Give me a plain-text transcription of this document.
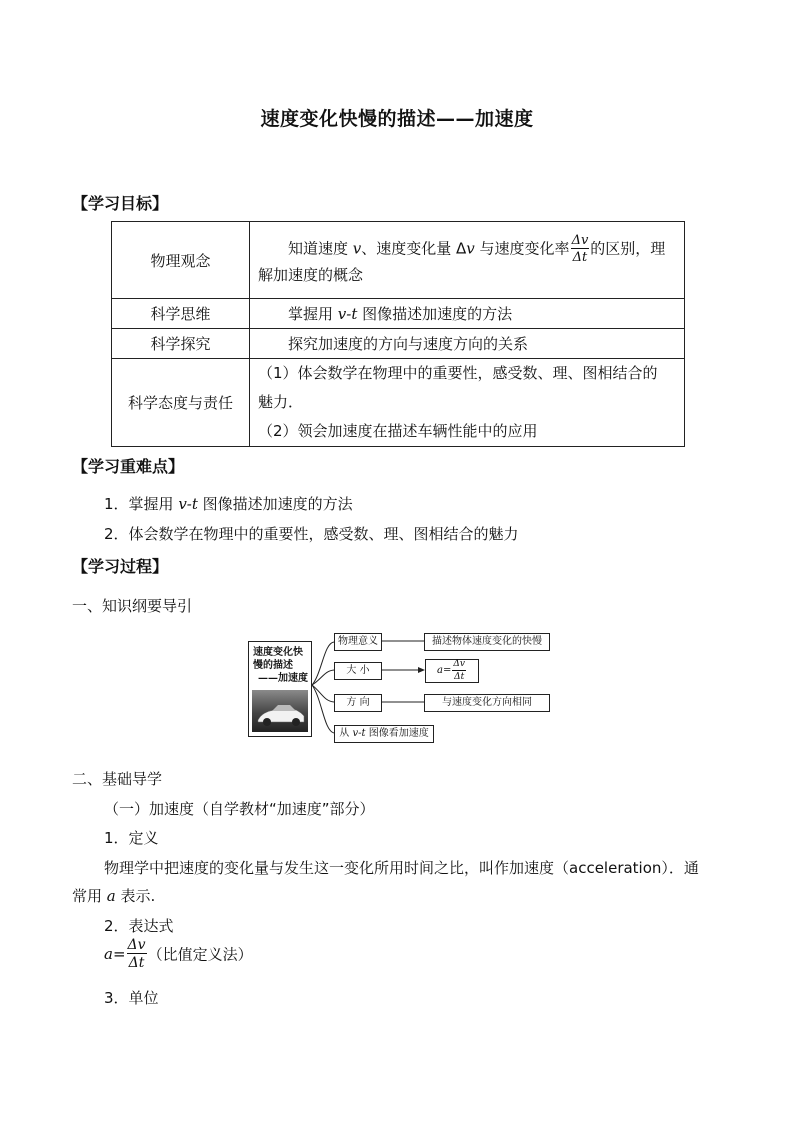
速度变化快慢的描述——加速度
【学习目标】
物理观念	知道速度 v、速度变化量 Δv 与速度变化率 $\frac{\Delta v}{\Delta t}$ 的区别，理
解加速度的概念

科学思维	掌握用 v-t 图像描述加速度的方法
科学探究	探究加速度的方向与速度方向的关系
科学态度与责任	（1）体会数学在物理中的重要性，感受数、理、图相结合的
魅力．
（2）领会加速度在描述车辆性能中的应用
【学习重难点】
1．掌握用 v-t 图像描述加速度的方法
2．体会数学在物理中的重要性，感受数、理、图相结合的魅力
【学习过程】
一、知识纲要导引
速度变化快
慢的描述
——加速度
物理意义	描述物体速度变化的快慢
大 小	$a= \frac{\Delta v}{\Delta t}$
方 向	与速度变化方向相同
从 v-t 图像看加速度
二、基础导学
（一）加速度（自学教材“加速度”部分）
1．定义
物理学中把速度的变化量与发生这一变化所用时间之比，叫作加速度（acceleration）．通
常用 a 表示.
2．表达式
$a= \frac{\Delta v}{\Delta t}$ （比值定义法）
3．单位
